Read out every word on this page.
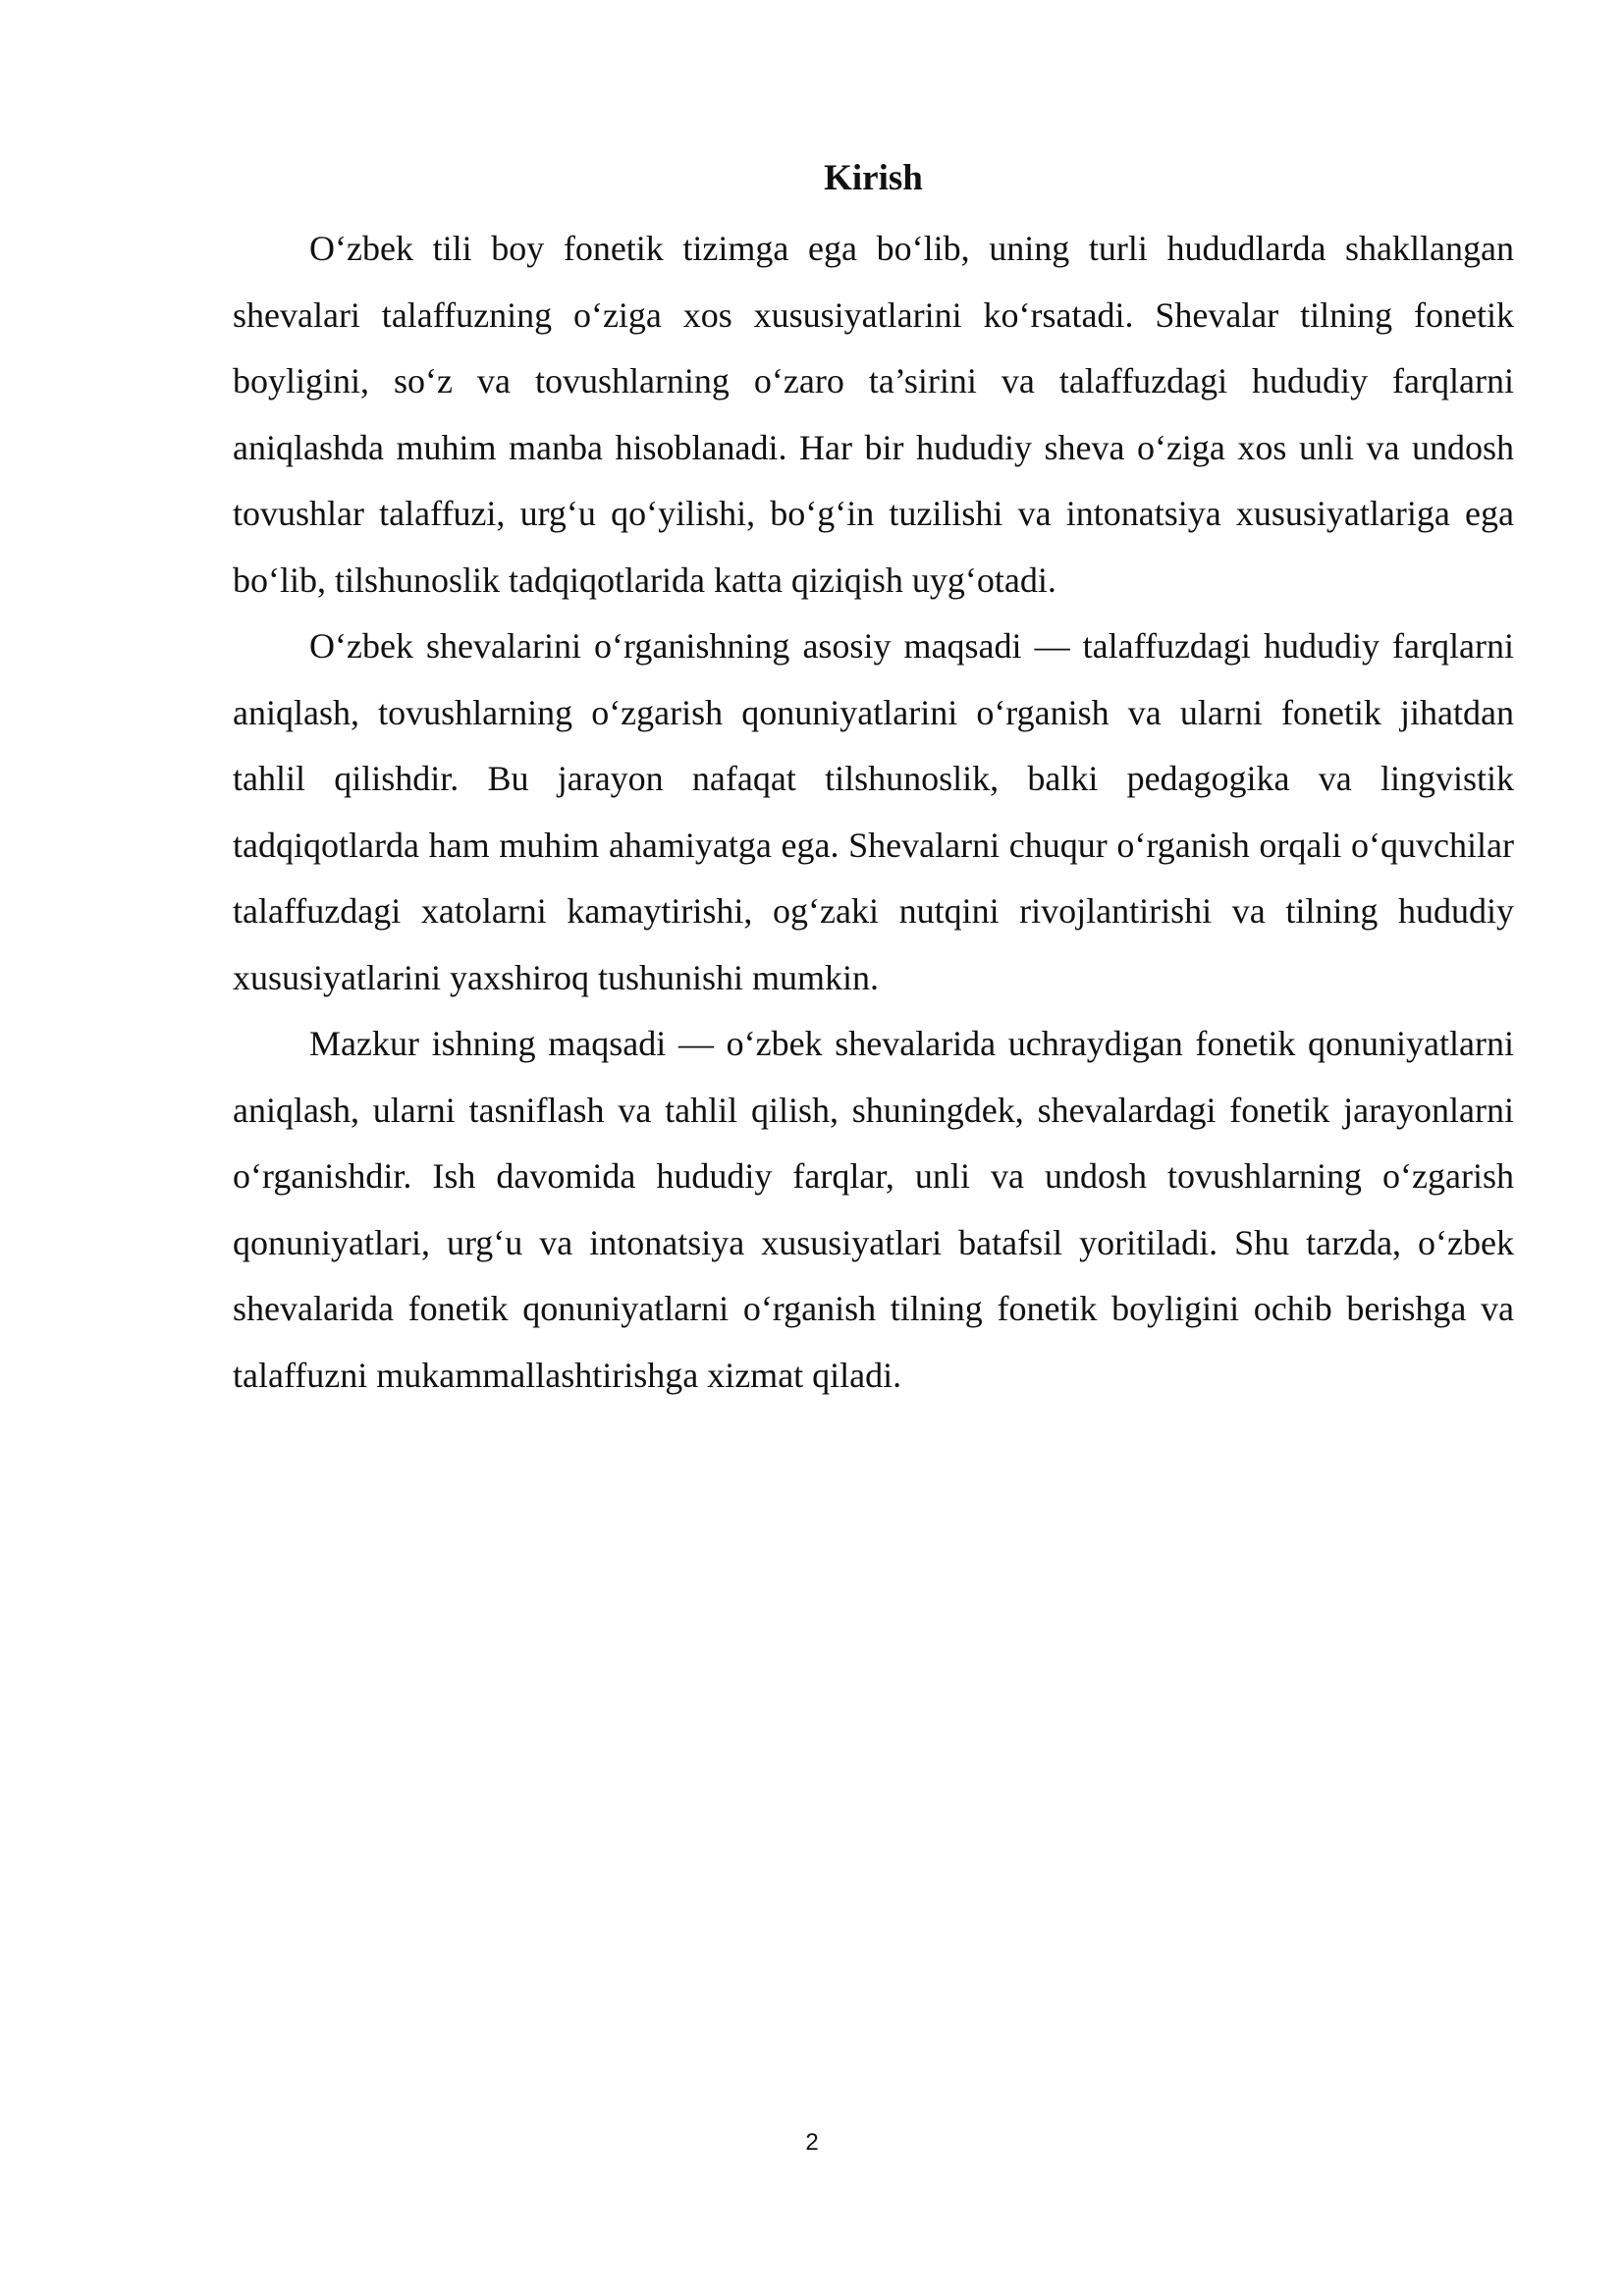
Kirish

O‘zbek tili boy fonetik tizimga ega bo‘lib, uning turli hududlarda shakllangan shevalari talaffuzning o‘ziga xos xususiyatlarini ko‘rsatadi. Shevalar tilning fonetik boyligini, so‘z va tovushlarning o‘zaro ta’sirini va talaffuzdagi hududiy farqlarni aniqlashda muhim manba hisoblanadi. Har bir hududiy sheva o‘ziga xos unli va undosh tovushlar talaffuzi, urg‘u qo‘yilishi, bo‘g‘in tuzilishi va intonatsiya xususiyatlariga ega bo‘lib, tilshunoslik tadqiqotlarida katta qiziqish uyg‘otadi.

O‘zbek shevalarini o‘rganishning asosiy maqsadi — talaffuzdagi hududiy farqlarni aniqlash, tovushlarning o‘zgarish qonuniyatlarini o‘rganish va ularni fonetik jihatdan tahlil qilishdir. Bu jarayon nafaqat tilshunoslik, balki pedagogika va lingvistik tadqiqotlarda ham muhim ahamiyatga ega. Shevalarni chuqur o‘rganish orqali o‘quvchilar talaffuzdagi xatolarni kamaytirishi, og‘zaki nutqini rivojlantirishi va tilning hududiy xususiyatlarini yaxshiroq tushunishi mumkin.

Mazkur ishning maqsadi — o‘zbek shevalarida uchraydigan fonetik qonuniyatlarni aniqlash, ularni tasniflash va tahlil qilish, shuningdek, shevalardagi fonetik jarayonlarni o‘rganishdir. Ish davomida hududiy farqlar, unli va undosh tovushlarning o‘zgarish qonuniyatlari, urg‘u va intonatsiya xususiyatlari batafsil yoritiladi. Shu tarzda, o‘zbek shevalarida fonetik qonuniyatlarni o‘rganish tilning fonetik boyligini ochib berishga va talaffuzni mukammallashtirishga xizmat qiladi.

2
